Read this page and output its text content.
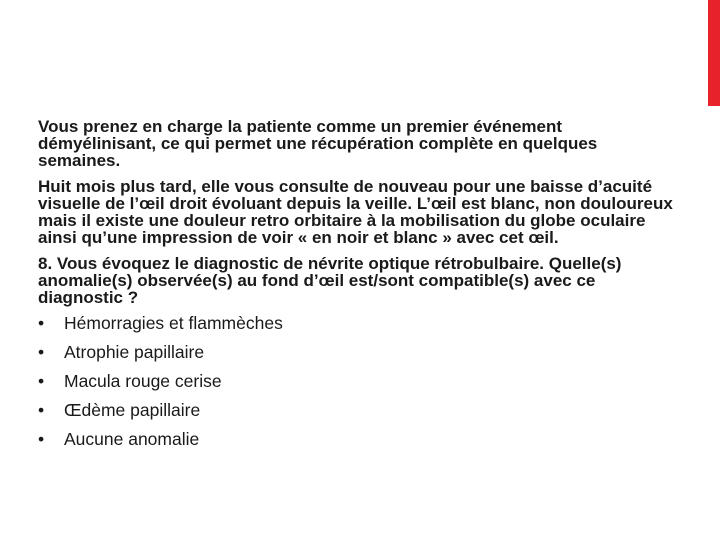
Vous prenez en charge la patiente comme un premier événement démyélinisant, ce qui permet une récupération complète en quelques semaines.

Huit mois plus tard, elle vous consulte de nouveau pour une baisse d’acuité visuelle de l’œil droit évoluant depuis la veille. L’œil est blanc, non douloureux mais il existe une douleur retro orbitaire à la mobilisation du globe oculaire ainsi qu’une impression de voir « en noir et blanc » avec cet œil.

8. Vous évoquez le diagnostic de névrite optique rétrobulbaire. Quelle(s) anomalie(s) observée(s) au fond d’œil est/sont compatible(s) avec ce diagnostic ?

•	Hémorragies et flammèches
•	Atrophie papillaire
•	Macula rouge cerise
•	Œdème papillaire
•	Aucune anomalie
